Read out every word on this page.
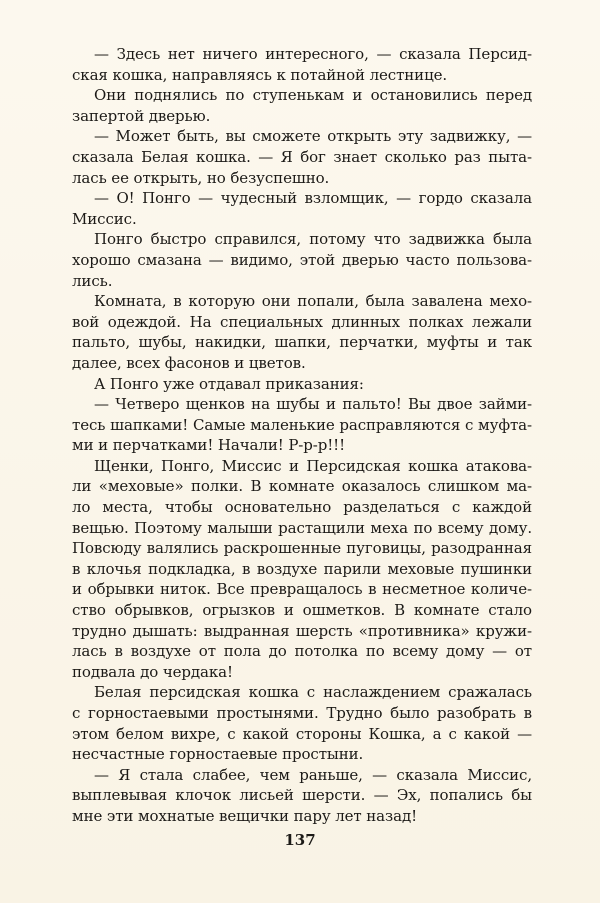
— Здесь нет ничего интересного, — сказала Персид-
ская кошка, направляясь к потайной лестнице.
Они поднялись по ступенькам и остановились перед
запертой дверью.
— Может быть, вы сможете открыть эту задвижку, —
сказала Белая кошка. — Я бог знает сколько раз пыта-
лась ее открыть, но безуспешно.
— О! Понго — чудесный взломщик, — гордо сказала
Миссис.
Понго быстро справился, потому что задвижка была
хорошо смазана — видимо, этой дверью часто пользова-
лись.
Комната, в которую они попали, была завалена мехо-
вой одеждой. На специальных длинных полках лежали
пальто, шубы, накидки, шапки, перчатки, муфты и так
далее, всех фасонов и цветов.
А Понго уже отдавал приказания:
— Четверо щенков на шубы и пальто! Вы двое займи-
тесь шапками! Самые маленькие расправляются с муфта-
ми и перчатками! Начали! Р-р-р!!!
Щенки, Понго, Миссис и Персидская кошка атакова-
ли «меховые» полки. В комнате оказалось слишком ма-
ло места, чтобы основательно разделаться с каждой
вещью. Поэтому малыши растащили меха по всему дому.
Повсюду валялись раскрошенные пуговицы, разодранная
в клочья подкладка, в воздухе парили меховые пушинки
и обрывки ниток. Все превращалось в несметное количе-
ство обрывков, огрызков и ошметков. В комнате стало
трудно дышать: выдранная шерсть «противника» кружи-
лась в воздухе от пола до потолка по всему дому — от
подвала до чердака!
Белая персидская кошка с наслаждением сражалась
с горностаевыми простынями. Трудно было разобрать в
этом белом вихре, с какой стороны Кошка, а с какой —
несчастные горностаевые простыни.
— Я стала слабее, чем раньше, — сказала Миссис,
выплевывая клочок лисьей шерсти. — Эх, попались бы
мне эти мохнатые вещички пару лет назад!
137
